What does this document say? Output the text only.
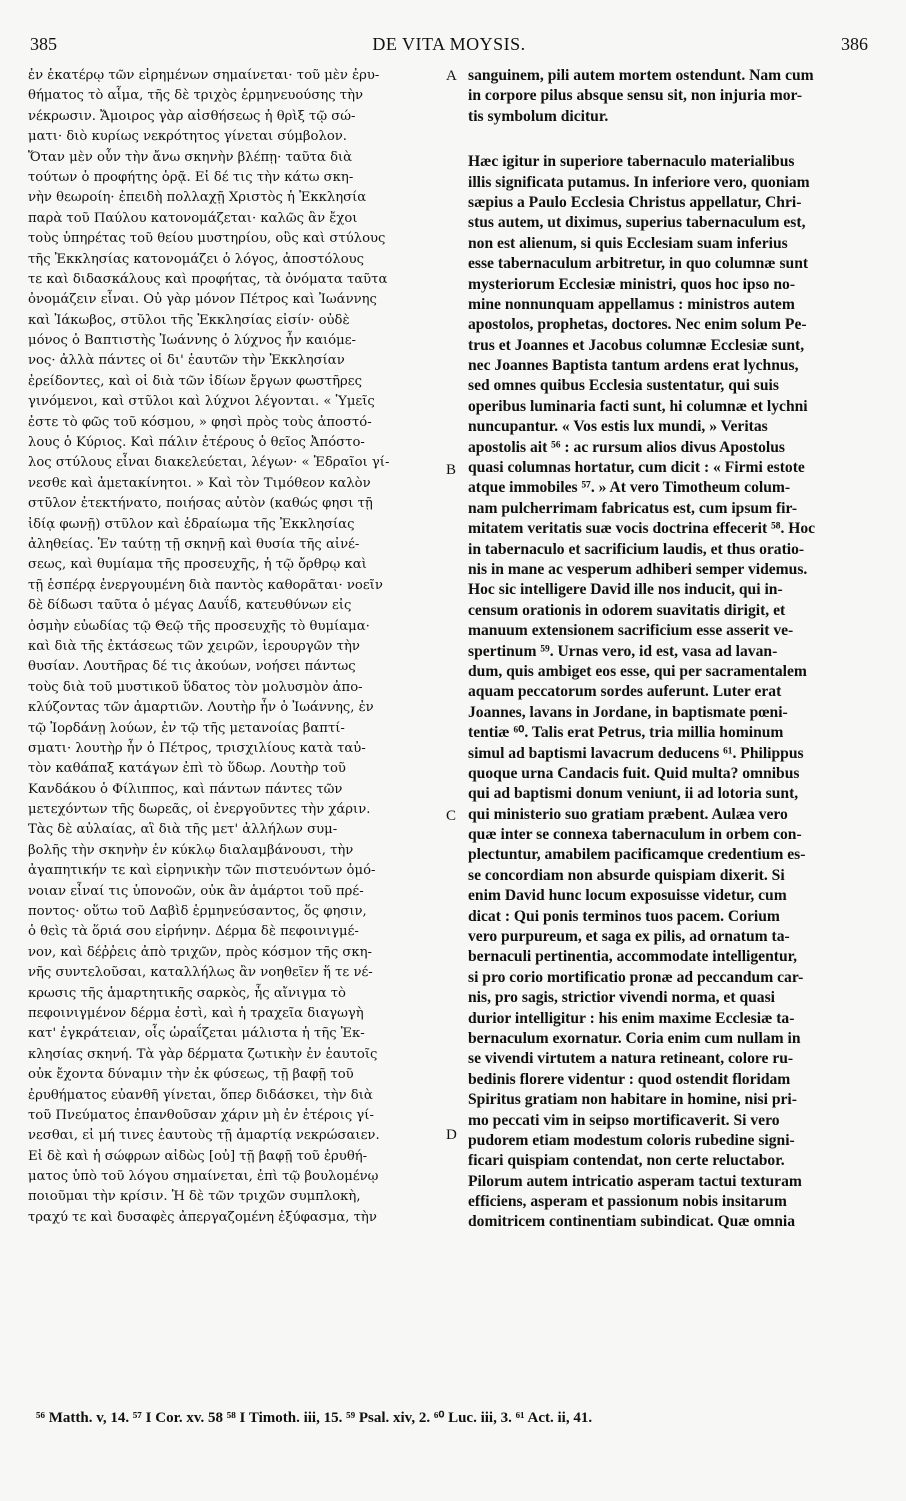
385	DE VITA MOYSIS.	386
ἐν ἑκατέρῳ τῶν εἰρημένων σημαίνεται· τοῦ μὲν ἐρυ-
θήματος τὸ αἷμα, τῆς δὲ τριχὸς ἑρμηνευούσης τὴν
νέκρωσιν. Ἄμοιρος γὰρ αἰσθήσεως ἡ θρὶξ τῷ σώ-
ματι· διὸ κυρίως νεκρότητος γίνεται σύμβολον.
Ὅταν μὲν οὖν τὴν ἄνω σκηνὴν βλέπῃ· ταῦτα διὰ
τούτων ὁ προφήτης ὁρᾷ. Εἰ δέ τις τὴν κάτω σκη-
νὴν θεωροίη· ἐπειδὴ πολλαχῇ Χριστὸς ἡ Ἐκκλησία
παρὰ τοῦ Παύλου κατονομάζεται· καλῶς ἂν ἔχοι
τοὺς ὑπηρέτας τοῦ θείου μυστηρίου, οὓς καὶ στύλους
τῆς Ἐκκλησίας κατονομάζει ὁ λόγος, ἀποστόλους
τε καὶ διδασκάλους καὶ προφήτας, τὰ ὀνόματα ταῦτα
ὀνομάζειν εἶναι. Οὐ γὰρ μόνον Πέτρος καὶ Ἰωάννης
καὶ Ἰάκωβος, στῦλοι τῆς Ἐκκλησίας εἰσίν· οὐδὲ
μόνος ὁ Βαπτιστὴς Ἰωάννης ὁ λύχνος ἦν καιόμε-
νος· ἀλλὰ πάντες οἱ δι' ἑαυτῶν τὴν Ἐκκλησίαν
ἐρείδοντες, καὶ οἱ διὰ τῶν ἰδίων ἔργων φωστῆρες
γινόμενοι, καὶ στῦλοι καὶ λύχνοι λέγονται. « Ὑμεῖς
ἐστε τὸ φῶς τοῦ κόσμου, » φησὶ πρὸς τοὺς ἀποστό-
λους ὁ Κύριος. Καὶ πάλιν ἑτέρους ὁ θεῖος Ἀπόστο-
λος στύλους εἶναι διακελεύεται, λέγων· « Ἑδραῖοι γί-
νεσθε καὶ ἀμετακίνητοι. » Καὶ τὸν Τιμόθεον καλὸν
στῦλον ἐτεκτήνατο, ποιήσας αὐτὸν (καθώς φησι τῇ
ἰδίᾳ φωνῇ) στῦλον καὶ ἑδραίωμα τῆς Ἐκκλησίας
ἀληθείας. Ἐν ταύτῃ τῇ σκηνῇ καὶ θυσία τῆς αἰνέ-
σεως, καὶ θυμίαμα τῆς προσευχῆς, ἡ τῷ ὄρθρῳ καὶ
τῇ ἑσπέρᾳ ἐνεργουμένη διὰ παντὸς καθορᾶται· νοεῖν
δὲ δίδωσι ταῦτα ὁ μέγας Δαυΐδ, κατευθύνων εἰς
ὀσμὴν εὐωδίας τῷ Θεῷ τῆς προσευχῆς τὸ θυμίαμα·
καὶ διὰ τῆς ἐκτάσεως τῶν χειρῶν, ἱερουργῶν τὴν
θυσίαν. Λουτῆρας δέ τις ἀκούων, νοήσει πάντως
τοὺς διὰ τοῦ μυστικοῦ ὕδατος τὸν μολυσμὸν ἀπο-
κλύζοντας τῶν ἁμαρτιῶν. Λουτὴρ ἦν ὁ Ἰωάννης, ἐν
τῷ Ἰορδάνῃ λούων, ἐν τῷ τῆς μετανοίας βαπτί-
σματι· λουτὴρ ἦν ὁ Πέτρος, τρισχιλίους κατὰ ταὐ-
τὸν καθάπαξ κατάγων ἐπὶ τὸ ὕδωρ. Λουτὴρ τοῦ
Κανδάκου ὁ Φίλιππος, καὶ πάντων πάντες τῶν
μετεχόντων τῆς δωρεᾶς, οἱ ἐνεργοῦντες τὴν χάριν.
Τὰς δὲ αὐλαίας, αἳ διὰ τῆς μετ' ἀλλήλων συμ-
βολῆς τὴν σκηνὴν ἐν κύκλῳ διαλαμβάνουσι, τὴν
ἀγαπητικήν τε καὶ εἰρηνικὴν τῶν πιστευόντων ὁμό-
νοιαν εἶναί τις ὑπονοῶν, οὐκ ἂν ἁμάρτοι τοῦ πρέ-
ποντος· οὕτω τοῦ Δαβὶδ ἑρμηνεύσαντος, ὅς φησιν,
ὁ θεὶς τὰ ὅριά σου εἰρήνην. Δέρμα δὲ πεφοινιγμέ-
νον, καὶ δέῤῥεις ἀπὸ τριχῶν, πρὸς κόσμον τῆς σκη-
νῆς συντελοῦσαι, καταλλήλως ἂν νοηθεῖεν ἥ τε νέ-
κρωσις τῆς ἁμαρτητικῆς σαρκὸς, ἧς αἴνιγμα τὸ
πεφοινιγμένον δέρμα ἐστὶ, καὶ ἡ τραχεῖα διαγωγὴ
κατ' ἐγκράτειαν, οἷς ὡραΐζεται μάλιστα ἡ τῆς Ἐκ-
κλησίας σκηνή. Τὰ γὰρ δέρματα ζωτικὴν ἐν ἑαυτοῖς
οὐκ ἔχοντα δύναμιν τὴν ἐκ φύσεως, τῇ βαφῇ τοῦ
ἐρυθήματος εὐανθῆ γίνεται, ὅπερ διδάσκει, τὴν διὰ
τοῦ Πνεύματος ἐπανθοῦσαν χάριν μὴ ἐν ἑτέροις γί-
νεσθαι, εἰ μή τινες ἑαυτοὺς τῇ ἁμαρτίᾳ νεκρώσαιεν.
Εἰ δὲ καὶ ἡ σώφρων αἰδὼς [οὐ] τῇ βαφῇ τοῦ ἐρυθή-
ματος ὑπὸ τοῦ λόγου σημαίνεται, ἐπὶ τῷ βουλομένῳ
ποιοῦμαι τὴν κρίσιν. Ἡ δὲ τῶν τριχῶν συμπλοκὴ,
τραχύ τε καὶ δυσαφὲς ἀπεργαζομένη ἐξύφασμα, τὴν
sanguinem, pili autem mortem ostendunt. Nam cum
in corpore pilus absque sensu sit, non injuria mor-
tis symbolum dicitur.
Hæc igitur in superiore tabernaculo materialibus
illis significata putamus. In inferiore vero, quoniam
sæpius a Paulo Ecclesia Christus appellatur, Chri-
stus autem, ut diximus, superius tabernaculum est,
non est alienum, si quis Ecclesiam suam inferius
esse tabernaculum arbitretur, in quo columnæ sunt
mysteriorum Ecclesiæ ministri, quos hoc ipso no-
mine nonnunquam appellamus : ministros autem
apostolos, prophetas, doctores. Nec enim solum Pe-
trus et Joannes et Jacobus columnæ Ecclesiæ sunt,
nec Joannes Baptista tantum ardens erat lychnus,
sed omnes quibus Ecclesia sustentatur, qui suis
operibus luminaria facti sunt, hi columnæ et lychni
nuncupantur. « Vos estis lux mundi, » Veritas
apostolis ait ⁵⁶ : ac rursum alios divus Apostolus
quasi columnas hortatur, cum dicit : « Firmi estote
atque immobiles ⁵⁷. » At vero Timotheum colum-
nam pulcherrimam fabricatus est, cum ipsum fir-
mitatem veritatis suæ vocis doctrina effecerit ⁵⁸. Hoc
in tabernaculo et sacrificium laudis, et thus oratio-
nis in mane ac vesperum adhiberi semper videmus.
Hoc sic intelligere David ille nos inducit, qui in-
censum orationis in odorem suavitatis dirigit, et
manuum extensionem sacrificium esse asserit ve-
spertinum ⁵⁹. Urnas vero, id est, vasa ad lavan-
dum, quis ambiget eos esse, qui per sacramentalem
aquam peccatorum sordes auferunt. Luter erat
Joannes, lavans in Jordane, in baptismate pœni-
tentiæ ⁶⁰. Talis erat Petrus, tria millia hominum
simul ad baptismi lavacrum deducens ⁶¹. Philippus
quoque urna Candacis fuit. Quid multa? omnibus
qui ad baptismi donum veniunt, ii ad lotoria sunt,
qui ministerio suo gratiam præbent. Aulæa vero
quæ inter se connexa tabernaculum in orbem con-
plectuntur, amabilem pacificamque credentium es-
se concordiam non absurde quispiam dixerit. Si
enim David hunc locum exposuisse videtur, cum
dicat : Qui ponis terminos tuos pacem. Corium
vero purpureum, et saga ex pilis, ad ornatum ta-
bernaculi pertinentia, accommodate intelligentur,
si pro corio mortificatio pronæ ad peccandum car-
nis, pro sagis, strictior vivendi norma, et quasi
durior intelligitur : his enim maxime Ecclesiæ ta-
bernaculum exornatur. Coria enim cum nullam in
se vivendi virtutem a natura retineant, colore ru-
bedinis florere videntur : quod ostendit floridam
Spiritus gratiam non habitare in homine, nisi pri-
mo peccati vim in seipso mortificaverit. Si vero
pudorem etiam modestum coloris rubedine signi-
ficari quispiam contendat, non certe reluctabor.
Pilorum autem intricatio asperam tactui texturam
efficiens, asperam et passionum nobis insitarum
domitricem continentiam subindicat. Quæ omnia
A
B
C
D
⁵⁶ Matth. v, 14. ⁵⁷ I Cor. xv. 58 ⁵⁸ I Timoth. iii, 15. ⁵⁹ Psal. xiv, 2. ⁶⁰ Luc. iii, 3. ⁶¹ Act. ii, 41.
